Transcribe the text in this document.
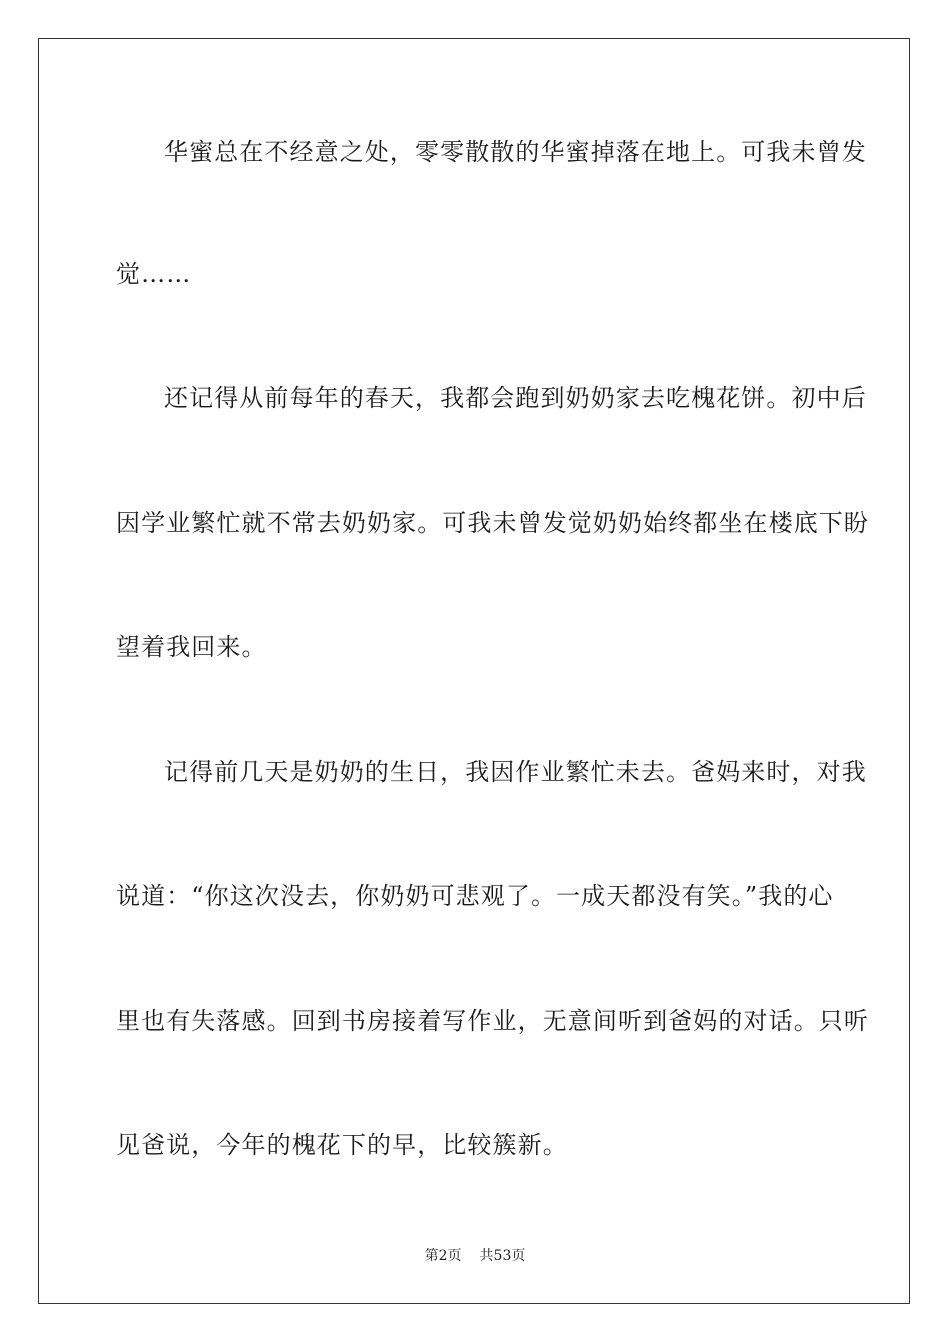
华蜜总在不经意之处，零零散散的华蜜掉落在地上。可我未曾发
觉……
还记得从前每年的春天，我都会跑到奶奶家去吃槐花饼。初中后
因学业繁忙就不常去奶奶家。可我未曾发觉奶奶始终都坐在楼底下盼
望着我回来。
记得前几天是奶奶的生日，我因作业繁忙未去。爸妈来时，对我
说道：“你这次没去，你奶奶可悲观了。一成天都没有笑。”我的心
里也有失落感。回到书房接着写作业，无意间听到爸妈的对话。只听
见爸说，今年的槐花下的早，比较簇新。
第2页 共53页
